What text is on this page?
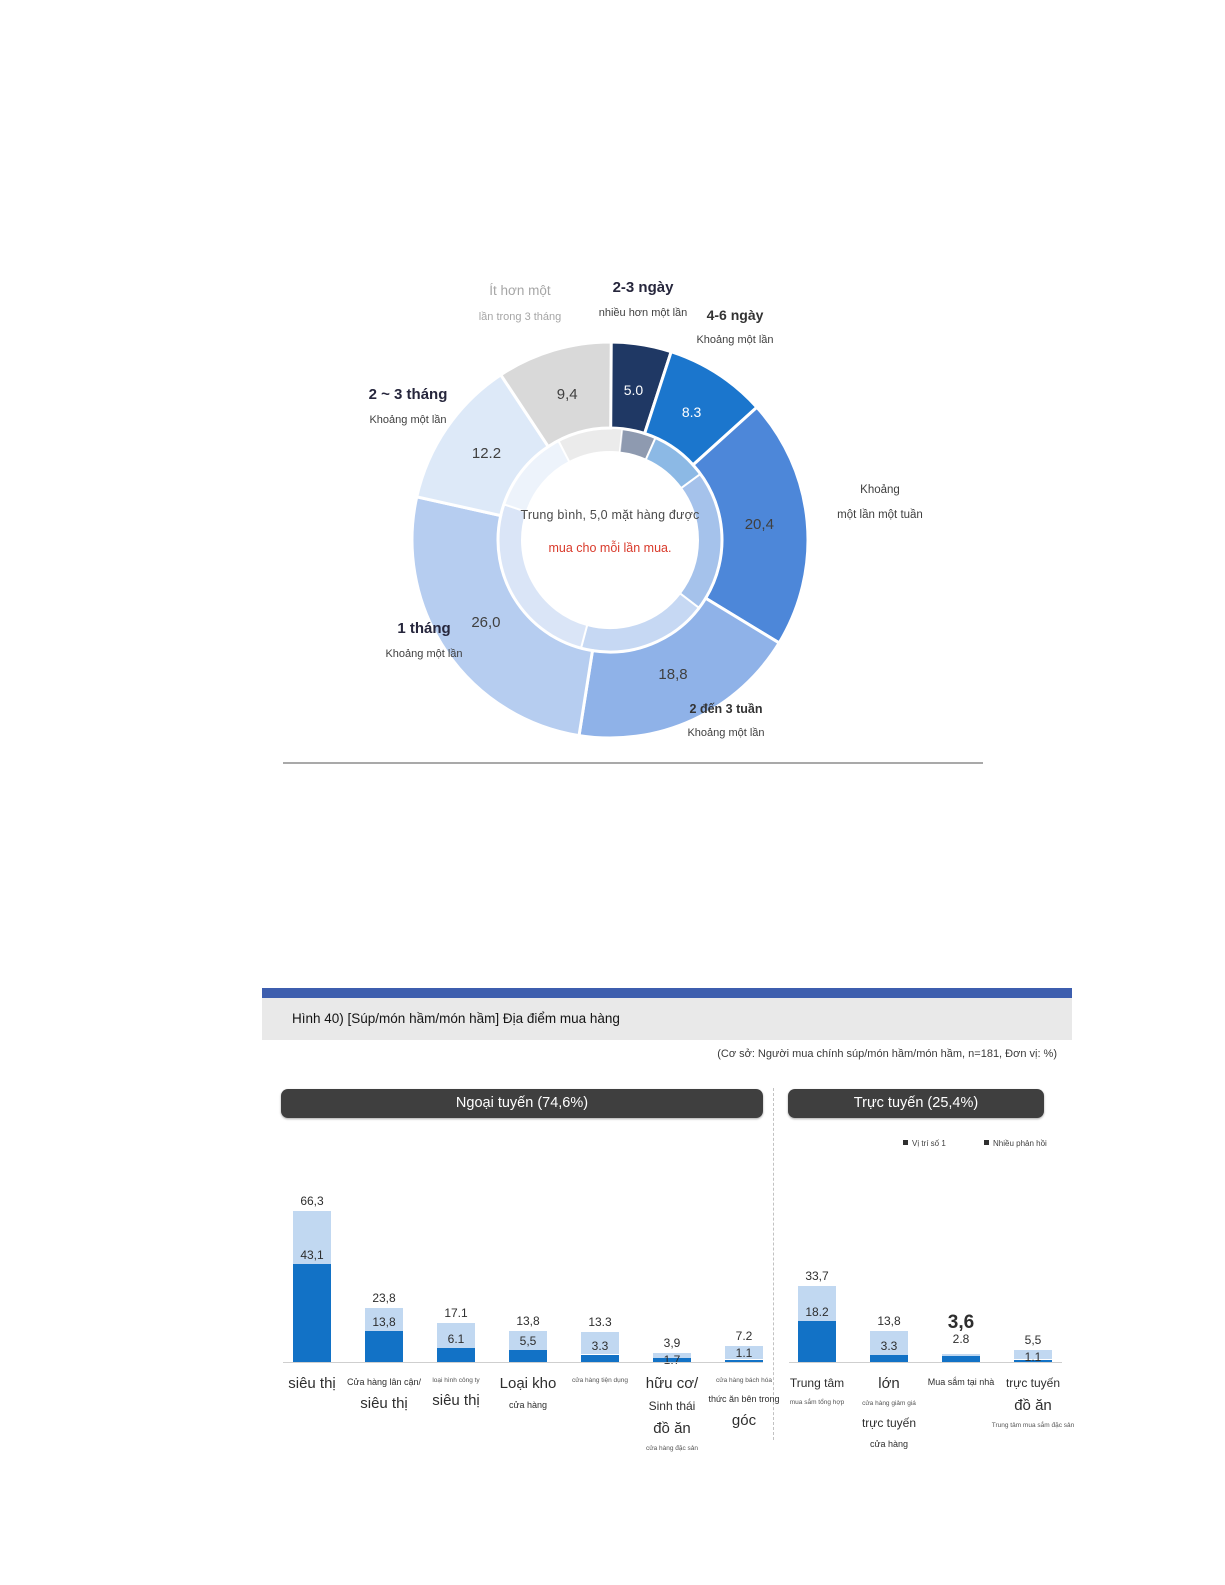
5.0
8.3
20,4
18,8
26,0
12.2
9,4
Trung bình, 5,0 mặt hàng được
mua cho mỗi lần mua.
Ít hơn một
lần trong 3 tháng
2-3 ngày
nhiều hơn một lần	4-6 ngày
Khoảng một lần
Khoảng
một lần một tuần
2 đến 3 tuần
Khoảng một lần
1 tháng
Khoảng một lần
2 ~ 3 tháng
Khoảng một lần
Hình 40) [Súp/món hầm/món hầm] Địa điểm mua hàng
(Cơ sở: Người mua chính súp/món hầm/món hầm, n=181, Đơn vị: %)
Ngoại tuyến (74,6%)	Trực tuyến (25,4%)
Vị trí số 1	Nhiều phản hồi
66,3
43,1
siêu thị
23,8
13,8
Cửa hàng lân cận/
siêu thị
17.1
6.1
loại hình công ty
siêu thị
13,8
5,5
Loại kho
cửa hàng
13.3
3.3
cửa hàng tiện dụng
3,9
1.7
hữu cơ/
Sinh thái
đồ ăn
cửa hàng đặc sản
7.2
1.1
cửa hàng bách hóa
thức ăn bên trong
góc
33,7
18.2
Trung tâm
mua sắm tổng hợp
13,8
3.3
lớn
cửa hàng giảm giá
trực tuyến
cửa hàng
3,6
2.8
Mua sắm tại nhà
5,5
1.1
trực tuyến
đồ ăn
Trung tâm mua sắm đặc sản
